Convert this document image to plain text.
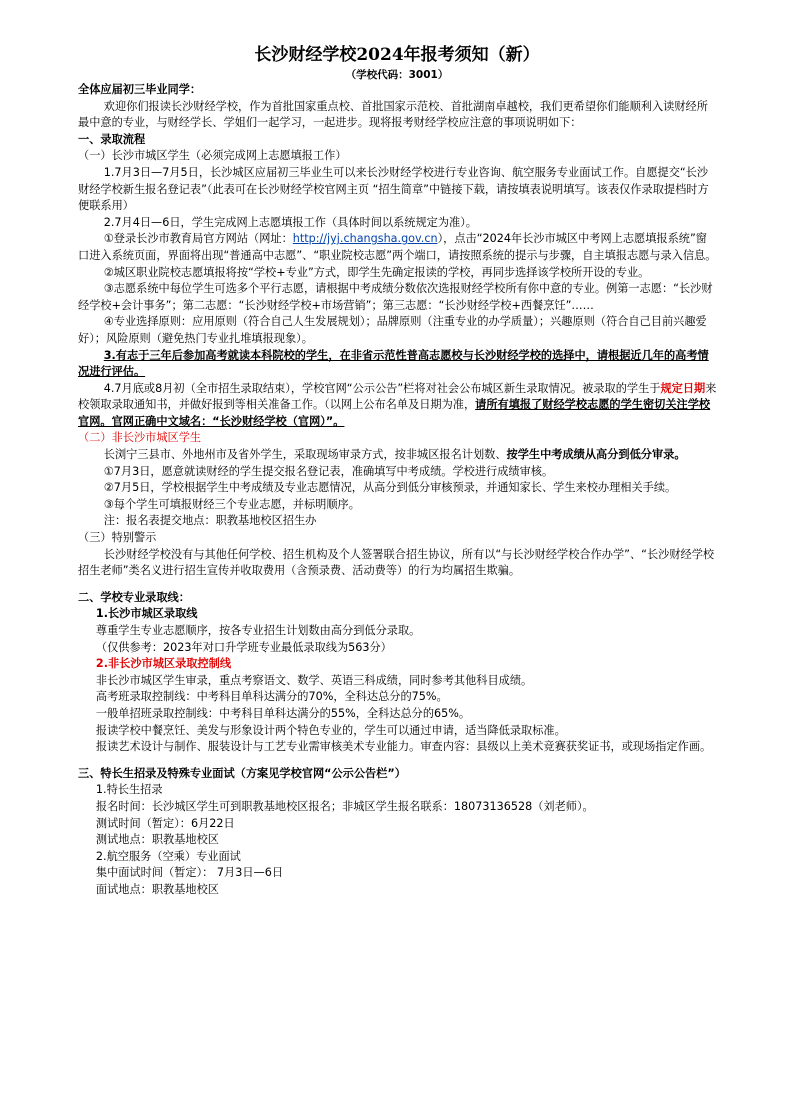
长沙财经学校2024年报考须知（新）
（学校代码：3001）

全体应届初三毕业同学：

欢迎你们报读长沙财经学校，作为首批国家重点校、首批国家示范校、首批湖南卓越校，我们更希望你们能顺利入读财经所最中意的专业，与财经学长、学姐们一起学习，一起进步。现将报考财经学校应注意的事项说明如下：

一、录取流程

（一）长沙市城区学生（必须完成网上志愿填报工作）

1.7月3日—7月5日，长沙城区应届初三毕业生可以来长沙财经学校进行专业咨询、航空服务专业面试工作。自愿提交“长沙财经学校新生报名登记表”（此表可在长沙财经学校官网主页 “招生简章”中链接下载，请按填表说明填写。该表仅作录取提档时方便联系用）

2.7月4日—6日，学生完成网上志愿填报工作（具体时间以系统规定为准）。

①登录长沙市教育局官方网站（网址：http://jyj.changsha.gov.cn），点击“2024年长沙市城区中考网上志愿填报系统”窗口进入系统页面，界面将出现“普通高中志愿”、“职业院校志愿”两个端口，请按照系统的提示与步骤，自主填报志愿与录入信息。

②城区职业院校志愿填报将按“学校+专业”方式，即学生先确定报读的学校，再同步选择该学校所开设的专业。

③志愿系统中每位学生可选多个平行志愿，请根据中考成绩分数依次选报财经学校所有你中意的专业。例第一志愿：“长沙财经学校+会计事务”；第二志愿：“长沙财经学校+市场营销”；第三志愿：“长沙财经学校+西餐烹饪”……

④专业选择原则：应用原则（符合自己人生发展规划）；品牌原则（注重专业的办学质量）；兴趣原则（符合自己目前兴趣爱好）；风险原则（避免热门专业扎堆填报现象）。

3.有志于三年后参加高考就读本科院校的学生，在非省示范性普高志愿校与长沙财经学校的选择中，请根据近几年的高考情况进行评估。

4.7月底或8月初（全市招生录取结束），学校官网“公示公告”栏将对社会公布城区新生录取情况。被录取的学生于规定日期来校领取录取通知书，并做好报到等相关准备工作。（以网上公布名单及日期为准，请所有填报了财经学校志愿的学生密切关注学校官网。官网正确中文域名：“长沙财经学校（官网）”。

（二）非长沙市城区学生

长浏宁三县市、外地州市及省外学生，采取现场审录方式，按非城区报名计划数、按学生中考成绩从高分到低分审录。

①7月3日，愿意就读财经的学生提交报名登记表，准确填写中考成绩。学校进行成绩审核。

②7月5日，学校根据学生中考成绩及专业志愿情况，从高分到低分审核预录，并通知家长、学生来校办理相关手续。

③每个学生可填报财经三个专业志愿，并标明顺序。

注：报名表提交地点：职教基地校区招生办

（三）特别警示

长沙财经学校没有与其他任何学校、招生机构及个人签署联合招生协议，所有以“与长沙财经学校合作办学”、“长沙财经学校招生老师”类名义进行招生宣传并收取费用（含预录费、活动费等）的行为均属招生欺骗。

二、学校专业录取线：

1.长沙市城区录取线

尊重学生专业志愿顺序，按各专业招生计划数由高分到低分录取。

（仅供参考：2023年对口升学班专业最低录取线为563分）

2.非长沙市城区录取控制线

非长沙市城区学生审录，重点考察语文、数学、英语三科成绩，同时参考其他科目成绩。

高考班录取控制线：中考科目单科达满分的70%，全科达总分的75%。

一般单招班录取控制线：中考科目单科达满分的55%，全科达总分的65%。

报读学校中餐烹饪、美发与形象设计两个特色专业的，学生可以通过申请，适当降低录取标准。

报读艺术设计与制作、服装设计与工艺专业需审核美术专业能力。审查内容：县级以上美术竞赛获奖证书，或现场指定作画。

三、特长生招录及特殊专业面试（方案见学校官网“公示公告栏”）

1.特长生招录

报名时间：长沙城区学生可到职教基地校区报名；非城区学生报名联系：18073136528（刘老师）。

测试时间（暂定）：6月22日

测试地点：职教基地校区

2.航空服务（空乘）专业面试

集中面试时间（暂定）： 7月3日—6日

面试地点：职教基地校区
